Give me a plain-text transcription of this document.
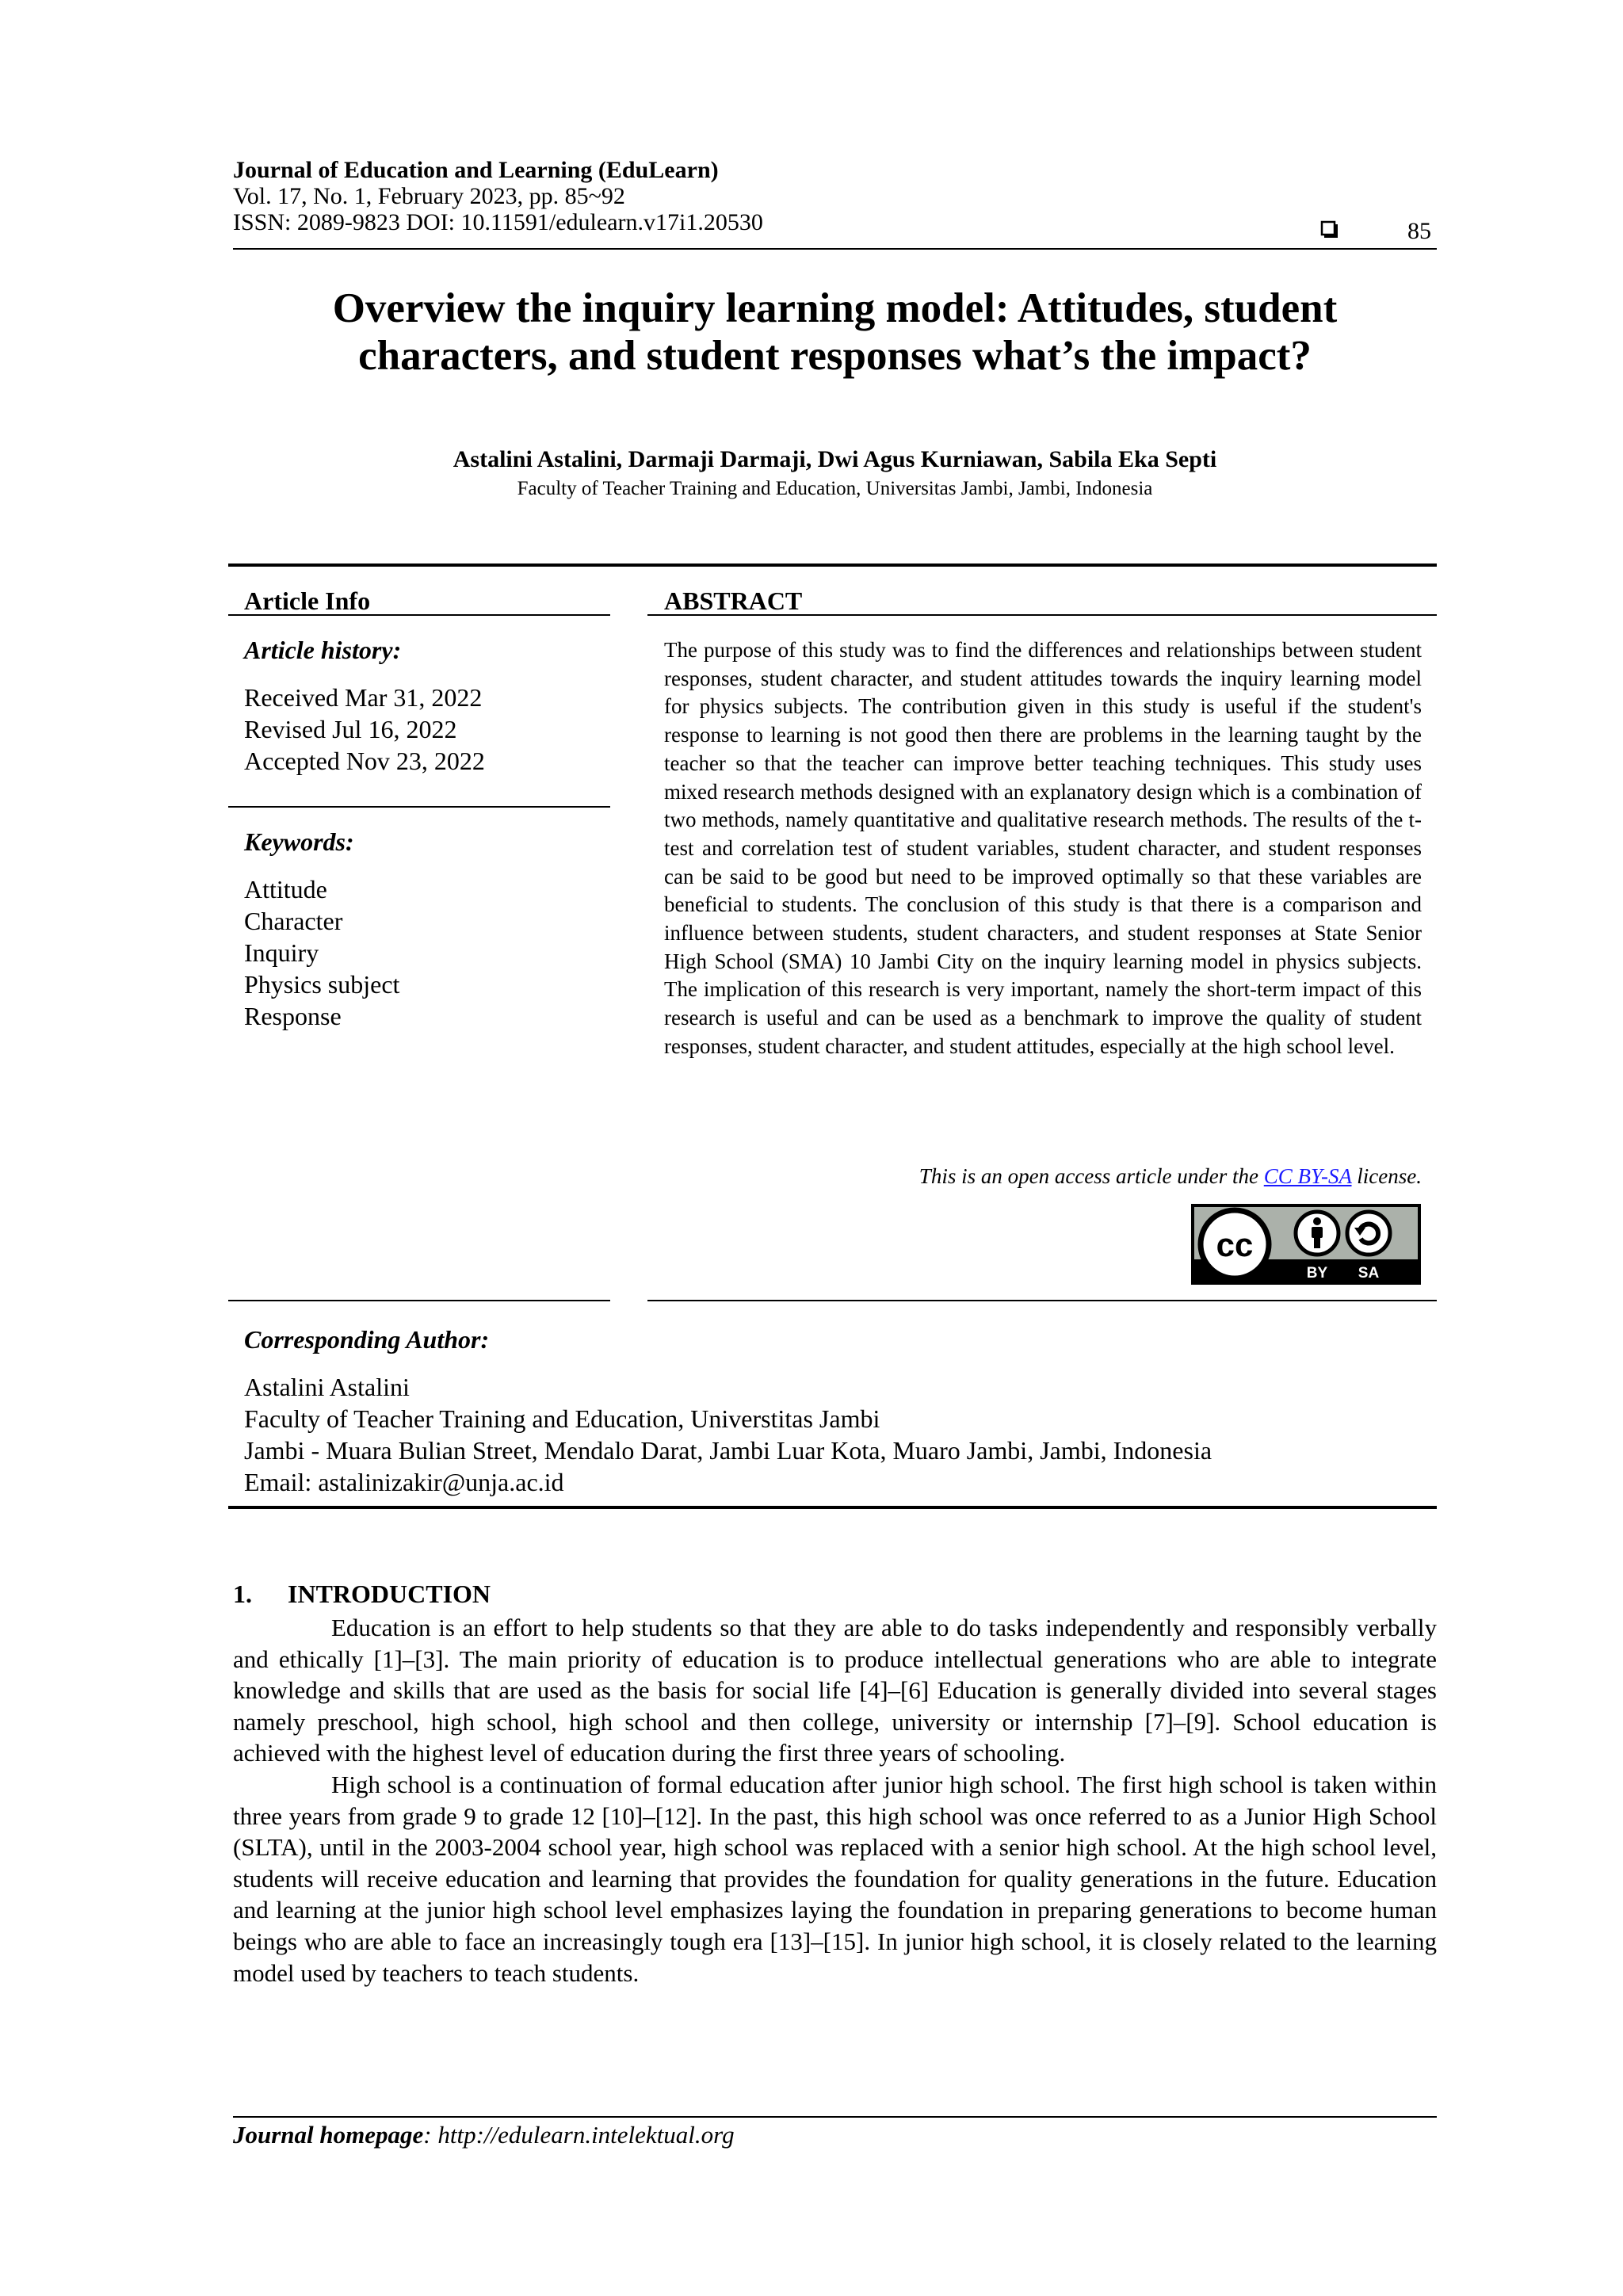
Journal of Education and Learning (EduLearn)
Vol. 17, No. 1, February 2023, pp. 85~92
ISSN: 2089-9823 DOI: 10.11591/edulearn.v17i1.20530	85
Overview the inquiry learning model: Attitudes, student
characters, and student responses what’s the impact?
Astalini Astalini, Darmaji Darmaji, Dwi Agus Kurniawan, Sabila Eka Septi
Faculty of Teacher Training and Education, Universitas Jambi, Jambi, Indonesia
Article Info
Article history:
Received Mar 31, 2022
Revised Jul 16, 2022
Accepted Nov 23, 2022
Keywords:
Attitude
Character
Inquiry
Physics subject
Response
ABSTRACT
The purpose of this study was to find the differences and relationships between student responses, student character, and student attitudes towards the inquiry learning model for physics subjects. The contribution given in this study is useful if the student's response to learning is not good then there are problems in the learning taught by the teacher so that the teacher can improve better teaching techniques. This study uses mixed research methods designed with an explanatory design which is a combination of two methods, namely quantitative and qualitative research methods. The results of the t-test and correlation test of student variables, student character, and student responses can be said to be good but need to be improved optimally so that these variables are beneficial to students. The conclusion of this study is that there is a comparison and influence between students, student characters, and student responses at State Senior High School (SMA) 10 Jambi City on the inquiry learning model in physics subjects. The implication of this research is very important, namely the short-term impact of this research is useful and can be used as a benchmark to improve the quality of student responses, student character, and student attitudes, especially at the high school level.
This is an open access article under the CC BY-SA license.
cc
BY SA
Corresponding Author:
Astalini Astalini
Faculty of Teacher Training and Education, Universtitas Jambi
Jambi - Muara Bulian Street, Mendalo Darat, Jambi Luar Kota, Muaro Jambi, Jambi, Indonesia
Email: astalinizakir@unja.ac.id
1. INTRODUCTION

Education is an effort to help students so that they are able to do tasks independently and responsibly verbally and ethically [1]–[3]. The main priority of education is to produce intellectual generations who are able to integrate knowledge and skills that are used as the basis for social life [4]–[6] Education is generally divided into several stages namely preschool, high school, high school and then college, university or internship [7]–[9]. School education is achieved with the highest level of education during the first three years of schooling.

High school is a continuation of formal education after junior high school. The first high school is taken within three years from grade 9 to grade 12 [10]–[12]. In the past, this high school was once referred to as a Junior High School (SLTA), until in the 2003-2004 school year, high school was replaced with a senior high school. At the high school level, students will receive education and learning that provides the foundation for quality generations in the future. Education and learning at the junior high school level emphasizes laying the foundation in preparing generations to become human beings who are able to face an increasingly tough era [13]–[15]. In junior high school, it is closely related to the learning model used by teachers to teach students.

Journal homepage: http://edulearn.intelektual.org
